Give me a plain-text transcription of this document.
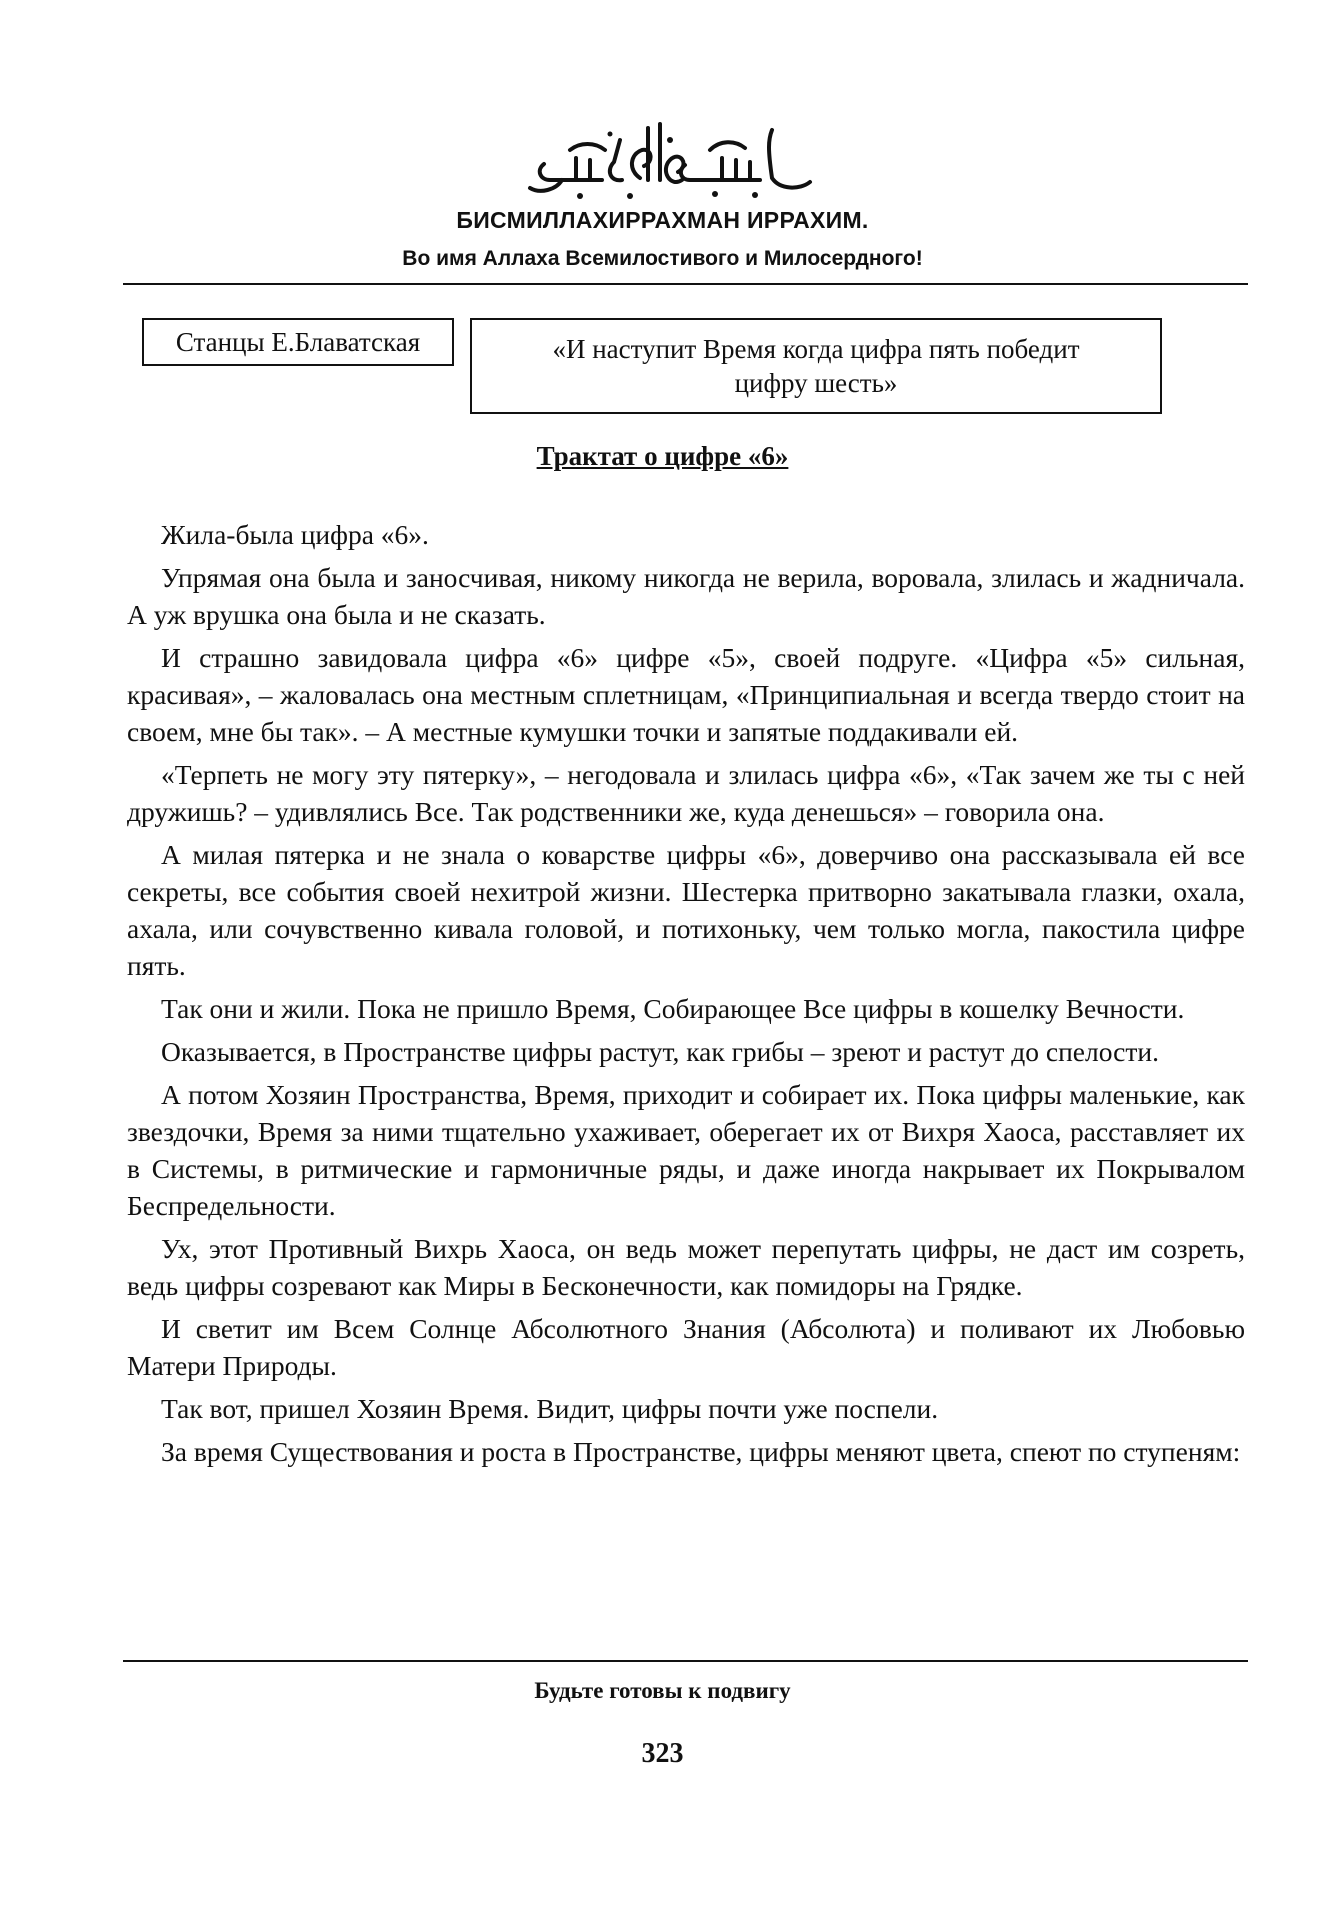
БИСМИЛЛАХИРРАХМАН ИРРАХИМ.
Во имя Аллаха Всемилостивого и Милосердного!
Станцы Е.Блаватская	«И наступит Время когда цифра пять победит цифру шесть»
Трактат о цифре «6»

Жила-была цифра «6».

Упрямая она была и заносчивая, никому никогда не верила, воровала, злилась и жадничала. А уж врушка она была и не сказать.

И страшно завидовала цифра «6» цифре «5», своей подруге. «Цифра «5» сильная, красивая», – жаловалась она местным сплетницам, «Принципиальная и всегда твердо стоит на своем, мне бы так». – А местные кумушки точки и запятые поддакивали ей.

«Терпеть не могу эту пятерку», – негодовала и злилась цифра «6», «Так зачем же ты с ней дружишь? – удивлялись Все. Так родственники же, куда денешься» – говорила она.

А милая пятерка и не знала о коварстве цифры «6», доверчиво она рассказывала ей все секреты, все события своей нехитрой жизни. Шестерка притворно закатывала глазки, охала, ахала, или сочувственно кивала головой, и потихоньку, чем только могла, пакостила цифре пять.

Так они и жили. Пока не пришло Время, Собирающее Все цифры в кошелку Вечности.

Оказывается, в Пространстве цифры растут, как грибы – зреют и растут до спелости.

А потом Хозяин Пространства, Время, приходит и собирает их. Пока цифры маленькие, как звездочки, Время за ними тщательно ухаживает, оберегает их от Вихря Хаоса, расставляет их в Системы, в ритмические и гармоничные ряды, и даже иногда накрывает их Покрывалом Беспредельности.

Ух, этот Противный Вихрь Хаоса, он ведь может перепутать цифры, не даст им созреть, ведь цифры созревают как Миры в Бесконечности, как помидоры на Грядке.

И светит им Всем Солнце Абсолютного Знания (Абсолюта) и поливают их Любовью Матери Природы.

Так вот, пришел Хозяин Время. Видит, цифры почти уже поспели.

За время Существования и роста в Пространстве, цифры меняют цвета, спеют по ступеням:

Будьте готовы к подвигу
323
